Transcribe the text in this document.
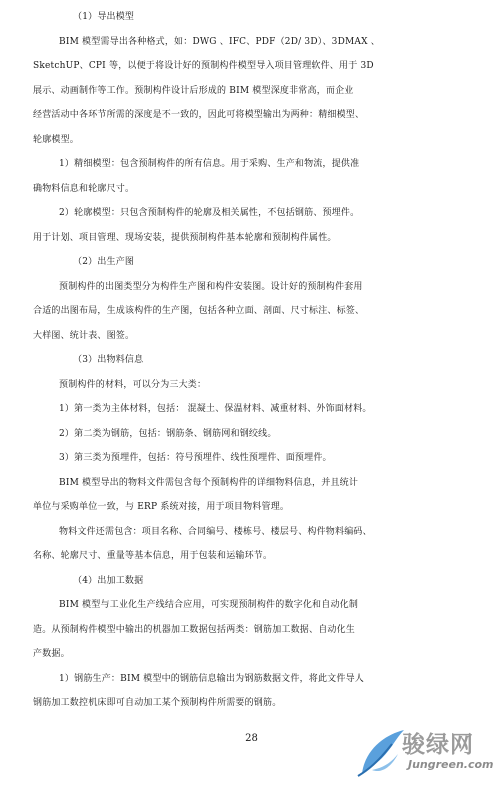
（1）导出模型
BIM 模型需导出各种格式，如：DWG 、IFC、PDF（2D/ 3D）、3DMAX 、
SketchUP、CPI 等，以便于将设计好的预制构件模型导入项目管理软件、用于 3D
展示、动画制作等工作。预制构件设计后形成的 BIM 模型深度非常高，而企业
经营活动中各环节所需的深度是不一致的，因此可将模型输出为两种：精细模型、
轮廓模型。
1）精细模型：包含预制构件的所有信息。用于采购、生产和物流，提供准
确物料信息和轮廓尺寸。
2）轮廓模型：只包含预制构件的轮廓及相关属性，不包括钢筋、预埋件。
用于计划、项目管理、现场安装，提供预制构件基本轮廓和预制构件属性。
（2）出生产图
预制构件的出图类型分为构件生产图和构件安装图。设计好的预制构件套用
合适的出图布局，生成该构件的生产图，包括各种立面、剖面、尺寸标注、标签、
大样图、统计表、图签。
（3）出物料信息
预制构件的材料，可以分为三大类：
1）第一类为主体材料，包括： 混凝土、保温材料、减重材料、外饰面材料。
2）第二类为钢筋，包括：钢筋条、钢筋网和钢绞线。
3）第三类为预埋件，包括：符号预埋件、线性预埋件、面预埋件。
BIM 模型导出的物料文件需包含每个预制构件的详细物料信息，并且统计
单位与采购单位一致，与 ERP 系统对接，用于项目物料管理。
物料文件还需包含：项目名称、合同编号、楼栋号、楼层号、构件物料编码、
名称、轮廓尺寸、重量等基本信息，用于包装和运输环节。
（4）出加工数据
BIM 模型与工业化生产线结合应用，可实现预制构件的数字化和自动化制
造。从预制构件模型中输出的机器加工数据包括两类：钢筋加工数据、自动化生
产数据。
1）钢筋生产：BIM 模型中的钢筋信息输出为钢筋数据文件，将此文件导人
钢筋加工数控机床即可自动加工某个预制构件所需要的钢筋。
28	骏绿网
Jungreen.com
